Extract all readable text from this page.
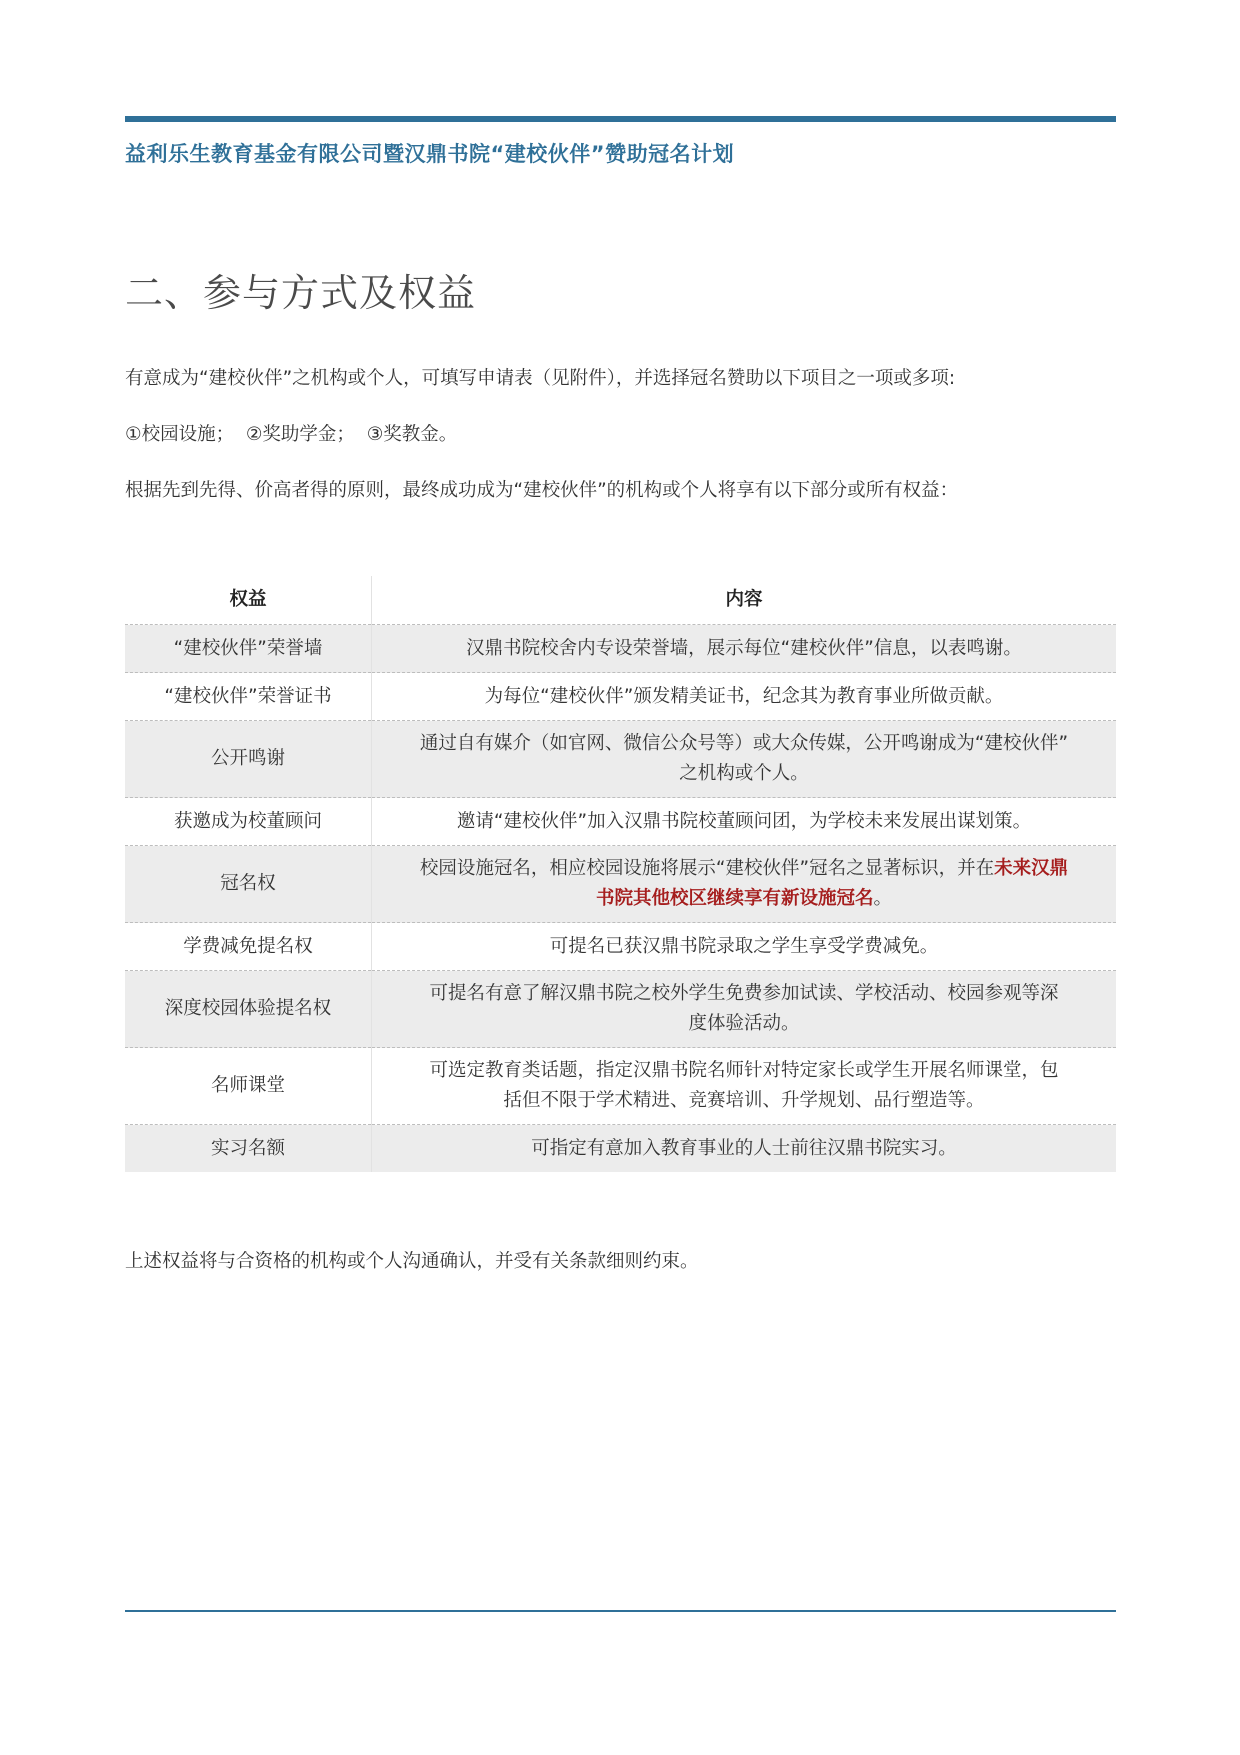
益利乐生教育基金有限公司暨汉鼎书院“建校伙伴”赞助冠名计划
二、参与方式及权益
有意成为“建校伙伴”之机构或个人，可填写申请表（见附件），并选择冠名赞助以下项目之一项或多项:
①校园设施；  ②奖助学金；  ③奖教金。
根据先到先得、价高者得的原则，最终成功成为“建校伙伴”的机构或个人将享有以下部分或所有权益：
权益	内容
“建校伙伴”荣誉墙	汉鼎书院校舍内专设荣誉墙，展示每位“建校伙伴”信息，以表鸣谢。
“建校伙伴”荣誉证书	为每位“建校伙伴”颁发精美证书，纪念其为教育事业所做贡献。
公开鸣谢	通过自有媒介（如官网、微信公众号等）或大众传媒，公开鸣谢成为“建校伙伴”
之机构或个人。
获邀成为校董顾问	邀请“建校伙伴”加入汉鼎书院校董顾问团，为学校未来发展出谋划策。
冠名权	校园设施冠名，相应校园设施将展示“建校伙伴”冠名之显著标识，并在未来汉鼎
书院其他校区继续享有新设施冠名。
学费减免提名权	可提名已获汉鼎书院录取之学生享受学费减免。
深度校园体验提名权	可提名有意了解汉鼎书院之校外学生免费参加试读、学校活动、校园参观等深
度体验活动。
名师课堂	可选定教育类话题，指定汉鼎书院名师针对特定家长或学生开展名师课堂，包
括但不限于学术精进、竞赛培训、升学规划、品行塑造等。
实习名额	可指定有意加入教育事业的人士前往汉鼎书院实习。
上述权益将与合资格的机构或个人沟通确认，并受有关条款细则约束。
